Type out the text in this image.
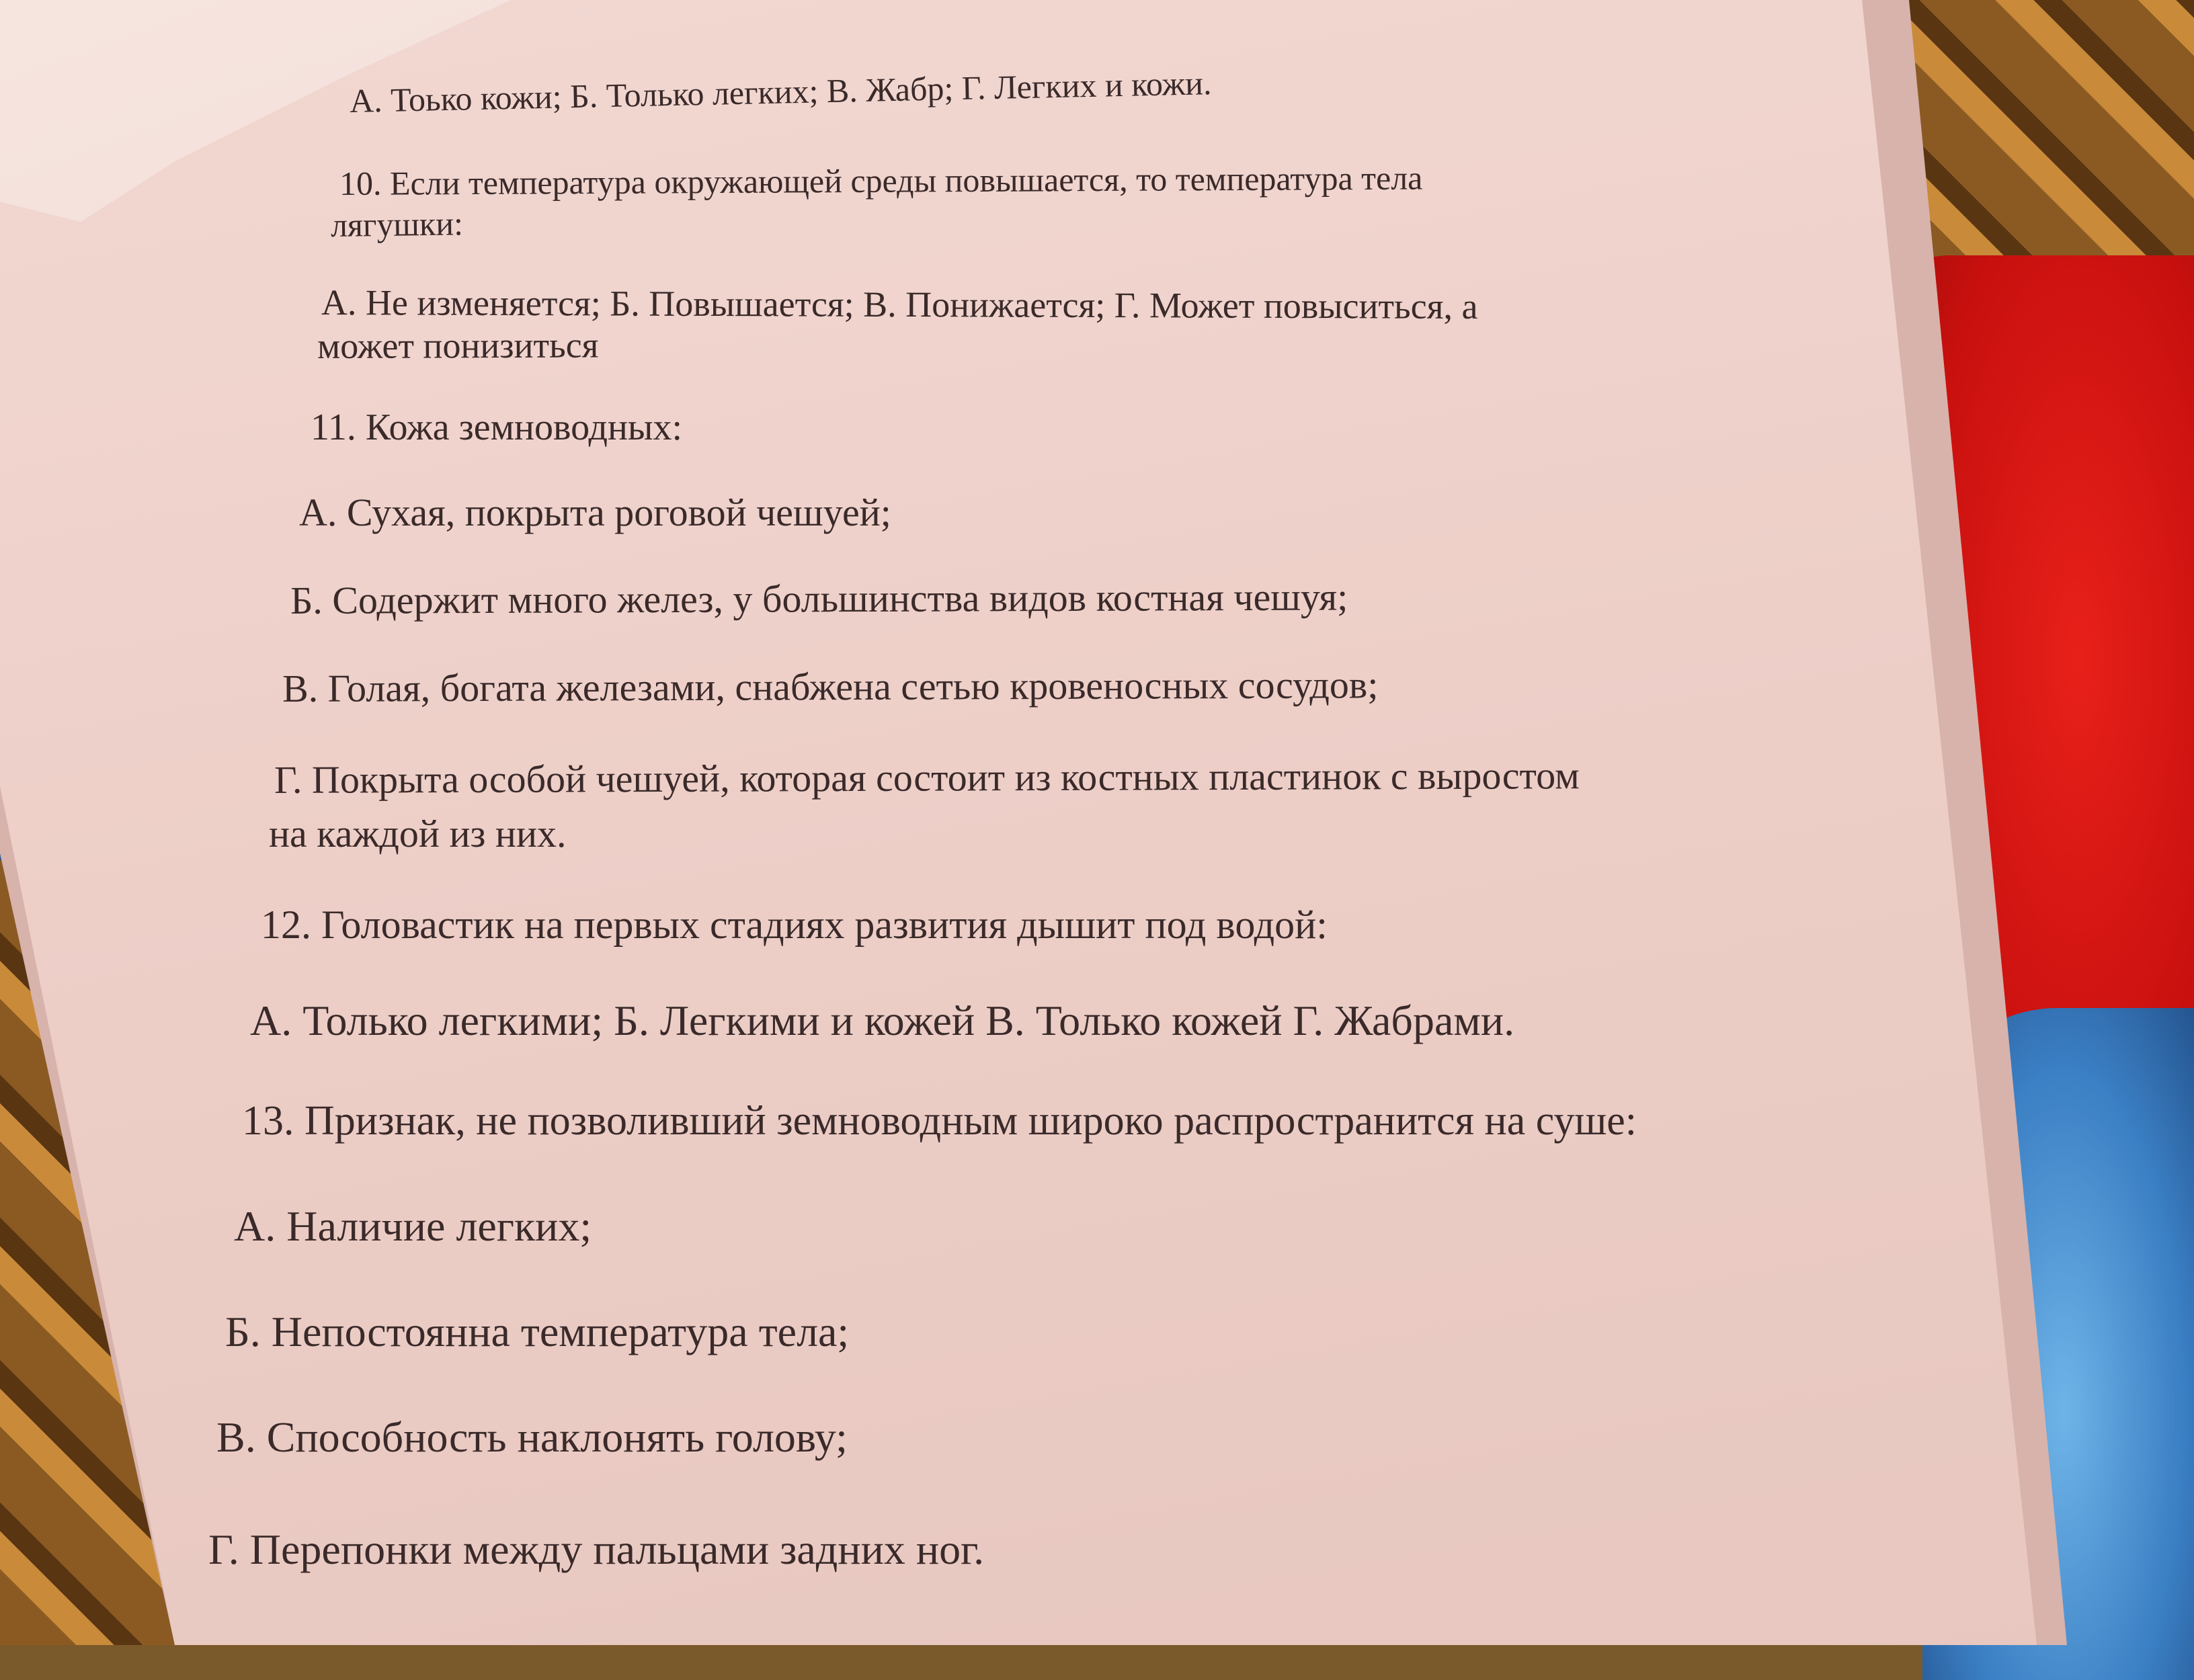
А. Тоько кожи; Б. Только легких; В. Жабр; Г. Легких и кожи.
10. Если температура окружающей среды повышается, то температура тела
лягушки:
А. Не изменяется; Б. Повышается; В. Понижается; Г. Может повыситься, а
может понизиться
11. Кожа земноводных:
А. Сухая, покрыта роговой чешуей;
Б. Содержит много желез, у большинства видов костная чешуя;
В. Голая, богата железами, снабжена сетью кровеносных сосудов;
Г. Покрыта особой чешуей, которая состоит из костных пластинок с выростом
на каждой из них.
12. Головастик на первых стадиях развития дышит под водой:
А. Только легкими; Б. Легкими и кожей В. Только кожей Г. Жабрами.
13. Признак, не позволивший земноводным широко распространится на суше:
А. Наличие легких;
Б. Непостоянна температура тела;
В. Способность наклонять голову;
Г. Перепонки между пальцами задних ног.
